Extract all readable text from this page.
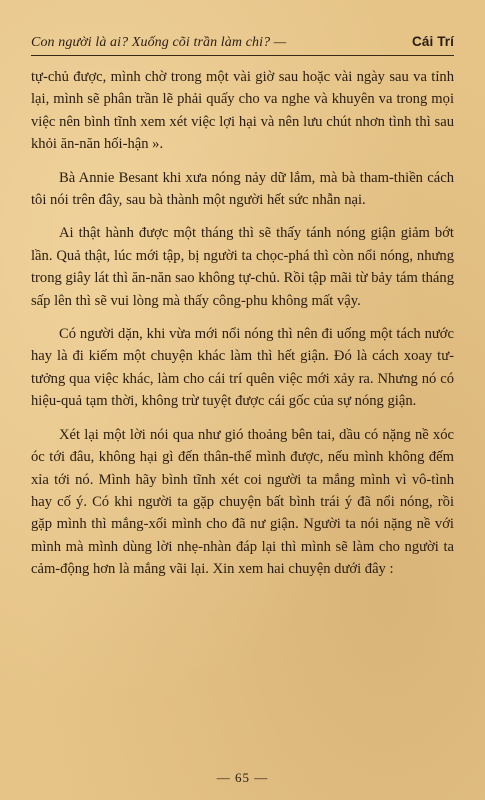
Con người là ai? Xuống cõi trần làm chi? —	Cái Trí

tự-chủ được, mình chờ trong một vài giờ sau hoặc vài ngày sau va tỉnh lại, mình sẽ phân trần lẽ phải quấy cho va nghe và khuyên va trong mọi việc nên bình tĩnh xem xét việc lợi hại và nên lưu chút nhơn tình thì sau khỏi ăn-năn hối-hận ».

Bà Annie Besant khi xưa nóng nảy dữ lắm, mà bà tham-thiền cách tôi nói trên đây, sau bà thành một người hết sức nhẫn nại.

Ai thật hành được một tháng thì sẽ thấy tánh nóng giận giảm bớt lần. Quả thật, lúc mới tập, bị người ta chọc-phá thì còn nổi nóng, nhưng trong giây lát thì ăn-năn sao không tự-chủ. Rồi tập mãi từ bảy tám tháng sấp lên thì sẽ vui lòng mà thấy công-phu không mất vậy.

Có người dặn, khi vừa mới nổi nóng thì nên đi uống một tách nước hay là đi kiếm một chuyện khác làm thì hết giận. Đó là cách xoay tư-tưởng qua việc khác, làm cho cái trí quên việc mới xảy ra. Nhưng nó có hiệu-quả tạm thời, không trừ tuyệt được cái gốc của sự nóng giận.

Xét lại một lời nói qua như gió thoảng bên tai, dầu có nặng nề xóc óc tới đâu, không hại gì đến thân-thể mình được, nếu mình không đếm xỉa tới nó. Mình hãy bình tĩnh xét coi người ta mắng mình vì vô-tình hay cố ý. Có khi người ta gặp chuyện bất bình trái ý đã nổi nóng, rồi gặp mình thì mắng-xối mình cho đã nư giận. Người ta nói nặng nề với mình mà mình dùng lời nhẹ-nhàn đáp lại thì mình sẽ làm cho người ta cảm-động hơn là mắng vãi lại. Xin xem hai chuyện dưới đây :

— 65 —
